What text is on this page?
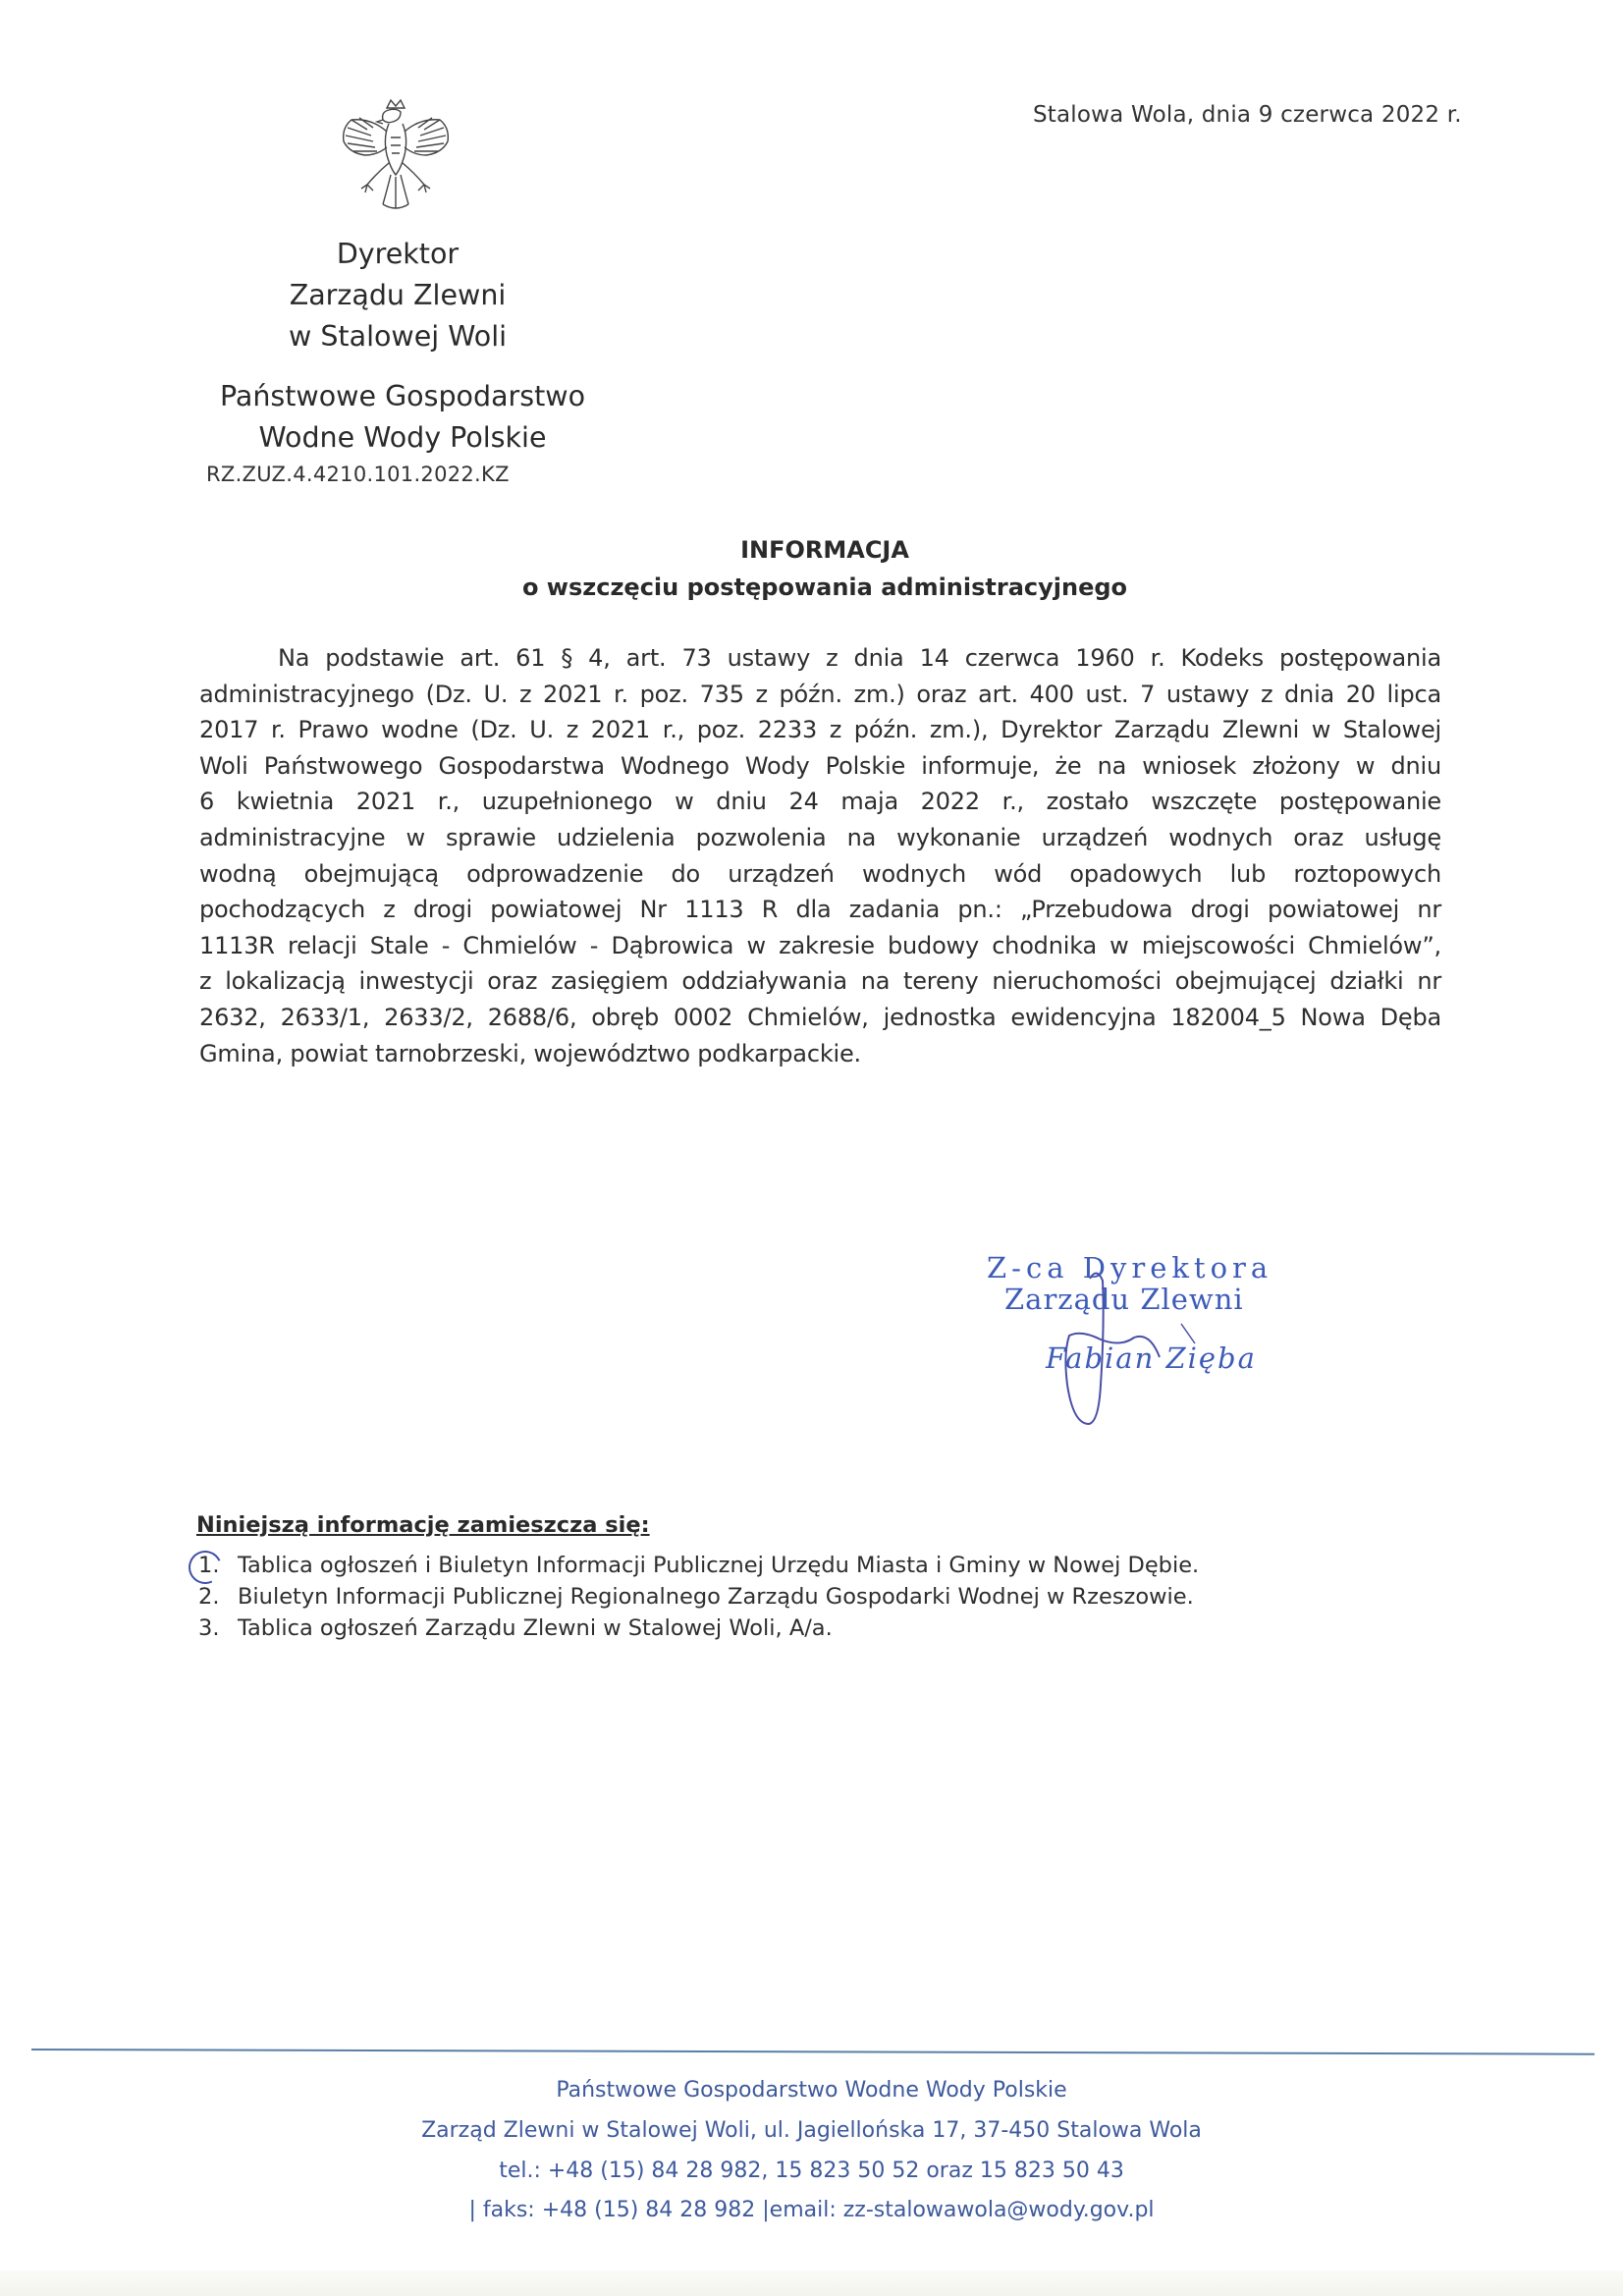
Stalowa Wola, dnia 9 czerwca 2022 r.
Dyrektor
Zarządu Zlewni
w Stalowej Woli
Państwowe Gospodarstwo
Wodne Wody Polskie
RZ.ZUZ.4.4210.101.2022.KZ
INFORMACJA
o wszczęciu postępowania administracyjnego
Na podstawie art. 61 § 4, art. 73 ustawy z dnia 14 czerwca 1960 r. Kodeks postępowania
administracyjnego (Dz. U. z 2021 r. poz. 735 z późn. zm.) oraz art. 400 ust. 7 ustawy z dnia 20 lipca
2017 r. Prawo wodne (Dz. U. z 2021 r., poz. 2233 z późn. zm.), Dyrektor Zarządu Zlewni w Stalowej
Woli Państwowego Gospodarstwa Wodnego Wody Polskie informuje, że na wniosek złożony w dniu
6 kwietnia 2021 r., uzupełnionego w dniu 24 maja 2022 r., zostało wszczęte postępowanie
administracyjne w sprawie udzielenia pozwolenia na wykonanie urządzeń wodnych oraz usługę
wodną obejmującą odprowadzenie do urządzeń wodnych wód opadowych lub roztopowych
pochodzących z drogi powiatowej Nr 1113 R dla zadania pn.: „Przebudowa drogi powiatowej nr
1113R relacji Stale - Chmielów - Dąbrowica w zakresie budowy chodnika w miejscowości Chmielów”,
z lokalizacją inwestycji oraz zasięgiem oddziaływania na tereny nieruchomości obejmującej działki nr
2632, 2633/1, 2633/2, 2688/6, obręb 0002 Chmielów, jednostka ewidencyjna 182004_5 Nowa Dęba
Gmina, powiat tarnobrzeski, województwo podkarpackie.
Z-ca Dyrektora
Zarządu Zlewni
Fabian Zięba
Niniejszą informację zamieszcza się:
1. Tablica ogłoszeń i Biuletyn Informacji Publicznej Urzędu Miasta i Gminy w Nowej Dębie.
2. Biuletyn Informacji Publicznej Regionalnego Zarządu Gospodarki Wodnej w Rzeszowie.
3. Tablica ogłoszeń Zarządu Zlewni w Stalowej Woli, A/a.
Państwowe Gospodarstwo Wodne Wody Polskie
Zarząd Zlewni w Stalowej Woli, ul. Jagiellońska 17, 37-450 Stalowa Wola
tel.: +48 (15) 84 28 982, 15 823 50 52 oraz 15 823 50 43
| faks: +48 (15) 84 28 982 |email: zz-stalowawola@wody.gov.pl
